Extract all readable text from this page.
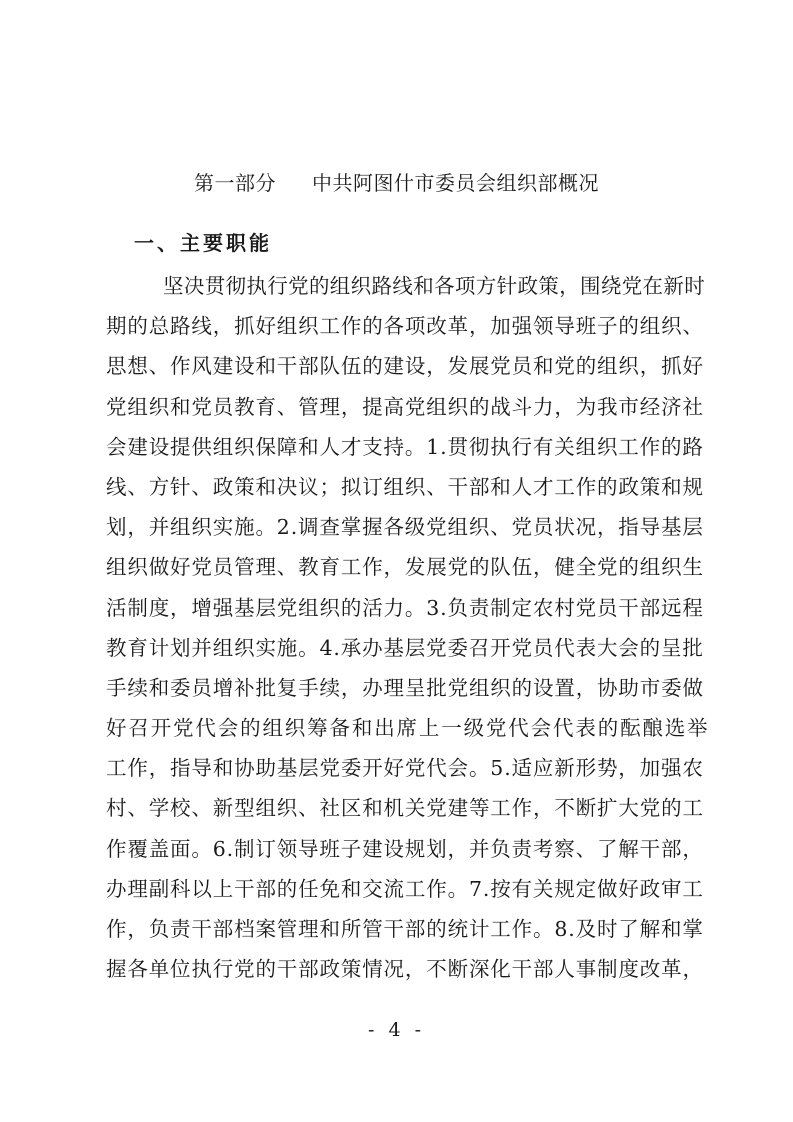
第一部分 中共阿图什市委员会组织部概况
一、主要职能
坚决贯彻执行党的组织路线和各项方针政策，围绕党在新时
期的总路线，抓好组织工作的各项改革，加强领导班子的组织、
思想、作风建设和干部队伍的建设，发展党员和党的组织，抓好
党组织和党员教育、管理，提高党组织的战斗力，为我市经济社
会建设提供组织保障和人才支持。1.贯彻执行有关组织工作的路
线、方针、政策和决议；拟订组织、干部和人才工作的政策和规
划，并组织实施。2.调查掌握各级党组织、党员状况，指导基层
组织做好党员管理、教育工作，发展党的队伍，健全党的组织生
活制度，增强基层党组织的活力。3.负责制定农村党员干部远程
教育计划并组织实施。4.承办基层党委召开党员代表大会的呈批
手续和委员增补批复手续，办理呈批党组织的设置，协助市委做
好召开党代会的组织筹备和出席上一级党代会代表的酝酿选举
工作，指导和协助基层党委开好党代会。5.适应新形势，加强农
村、学校、新型组织、社区和机关党建等工作，不断扩大党的工
作覆盖面。6.制订领导班子建设规划，并负责考察、了解干部，
办理副科以上干部的任免和交流工作。7.按有关规定做好政审工
作，负责干部档案管理和所管干部的统计工作。8.及时了解和掌
握各单位执行党的干部政策情况，不断深化干部人事制度改革，
- 4 -
